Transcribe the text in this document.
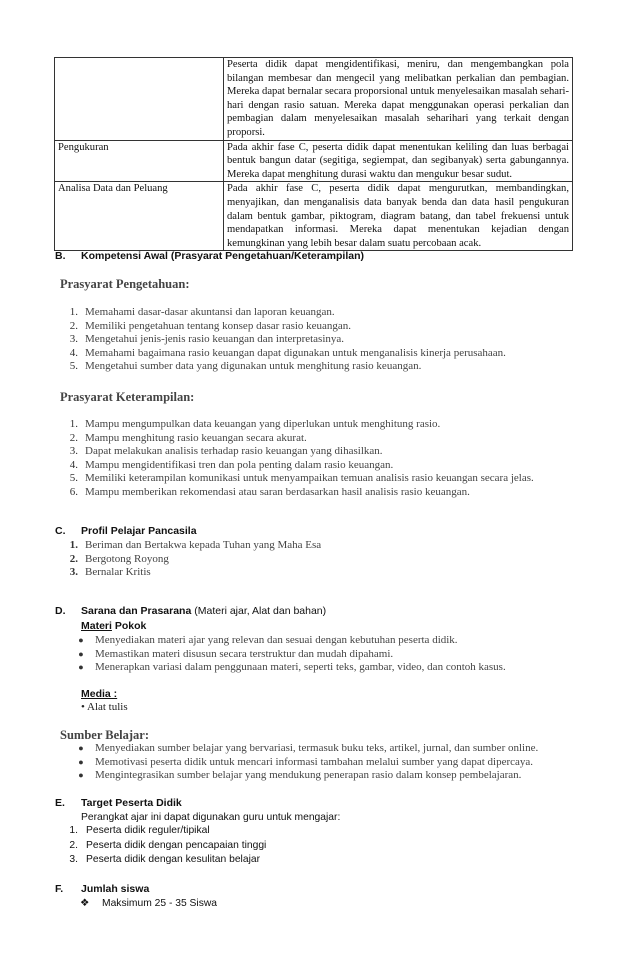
	Peserta didik dapat mengidentifikasi, meniru, dan mengembangkan pola bilangan membesar dan mengecil yang melibatkan perkalian dan pembagian. Mereka dapat bernalar secara proporsional untuk menyelesaikan masalah sehari-hari dengan rasio satuan. Mereka dapat menggunakan operasi perkalian dan pembagian dalam menyelesaikan masalah seharihari yang terkait dengan proporsi.
Pengukuran	Pada akhir fase C, peserta didik dapat menentukan keliling dan luas berbagai bentuk bangun datar (segitiga, segiempat, dan segibanyak) serta gabungannya. Mereka dapat menghitung durasi waktu dan mengukur besar sudut.
Analisa Data dan Peluang	Pada akhir fase C, peserta didik dapat mengurutkan, membandingkan, menyajikan, dan menganalisis data banyak benda dan data hasil pengukuran dalam bentuk gambar, piktogram, diagram batang, dan tabel frekuensi untuk mendapatkan informasi. Mereka dapat menentukan kejadian dengan kemungkinan yang lebih besar dalam suatu percobaan acak.
B. Kompetensi Awal (Prasyarat Pengetahuan/Keterampilan)
Prasyarat Pengetahuan:
1. Memahami dasar-dasar akuntansi dan laporan keuangan.
2. Memiliki pengetahuan tentang konsep dasar rasio keuangan.
3. Mengetahui jenis-jenis rasio keuangan dan interpretasinya.
4. Memahami bagaimana rasio keuangan dapat digunakan untuk menganalisis kinerja perusahaan.
5. Mengetahui sumber data yang digunakan untuk menghitung rasio keuangan.
Prasyarat Keterampilan:
1. Mampu mengumpulkan data keuangan yang diperlukan untuk menghitung rasio.
2. Mampu menghitung rasio keuangan secara akurat.
3. Dapat melakukan analisis terhadap rasio keuangan yang dihasilkan.
4. Mampu mengidentifikasi tren dan pola penting dalam rasio keuangan.
5. Memiliki keterampilan komunikasi untuk menyampaikan temuan analisis rasio keuangan secara jelas.
6. Mampu memberikan rekomendasi atau saran berdasarkan hasil analisis rasio keuangan.
C. Profil Pelajar Pancasila
1. Beriman dan Bertakwa kepada Tuhan yang Maha Esa
2. Bergotong Royong
3. Bernalar Kritis
D. Sarana dan Prasarana (Materi ajar, Alat dan bahan)
Materi Pokok
● Menyediakan materi ajar yang relevan dan sesuai dengan kebutuhan peserta didik.
● Memastikan materi disusun secara terstruktur dan mudah dipahami.
● Menerapkan variasi dalam penggunaan materi, seperti teks, gambar, video, dan contoh kasus.
Media :
• Alat tulis
Sumber Belajar:
● Menyediakan sumber belajar yang bervariasi, termasuk buku teks, artikel, jurnal, dan sumber online.
● Memotivasi peserta didik untuk mencari informasi tambahan melalui sumber yang dapat dipercaya.
● Mengintegrasikan sumber belajar yang mendukung penerapan rasio dalam konsep pembelajaran.
E. Target Peserta Didik
Perangkat ajar ini dapat digunakan guru untuk mengajar:
1. Peserta didik reguler/tipikal
2. Peserta didik dengan pencapaian tinggi
3. Peserta didik dengan kesulitan belajar
F. Jumlah siswa
❖ Maksimum 25 - 35 Siswa
